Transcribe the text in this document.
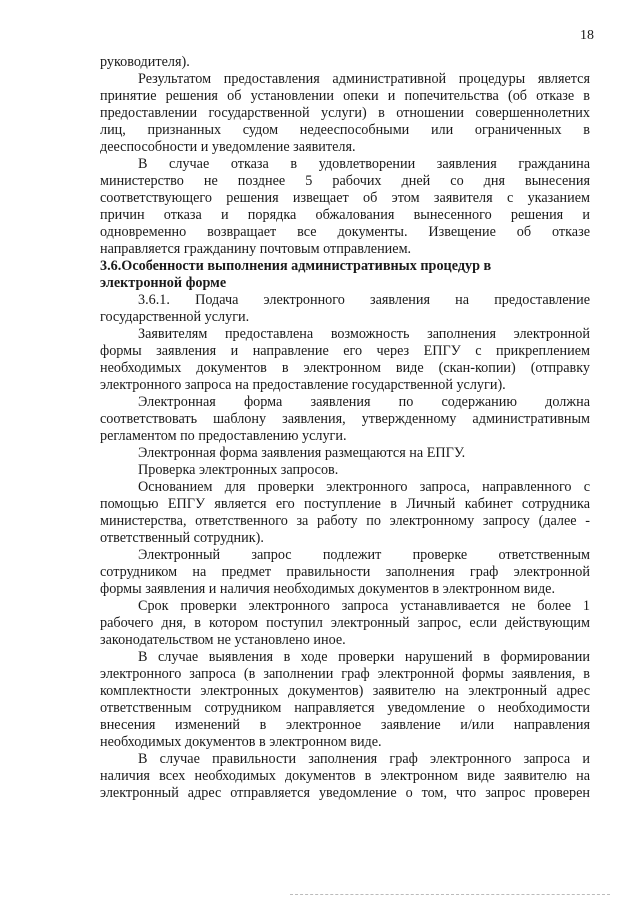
18
руководителя).
Результатом предоставления административной процедуры является
принятие решения об установлении опеки и попечительства (об отказе в
предоставлении государственной услуги) в отношении совершеннолетних
лиц, признанных судом недееспособными или ограниченных в
дееспособности и уведомление заявителя.
В случае отказа в удовлетворении заявления гражданина
министерство не позднее 5 рабочих дней со дня вынесения
соответствующего решения извещает об этом заявителя с указанием
причин отказа и порядка обжалования вынесенного решения и
одновременно возвращает все документы. Извещение об отказе
направляется гражданину почтовым отправлением.
3.6.Особенности выполнения административных процедур в
электронной форме
3.6.1. Подача электронного заявления на предоставление
государственной услуги.
Заявителям предоставлена возможность заполнения электронной
формы заявления и направление его через ЕПГУ с прикреплением
необходимых документов в электронном виде (скан-копии) (отправку
электронного запроса на предоставление государственной услуги).
Электронная форма заявления по содержанию должна
соответствовать шаблону заявления, утвержденному административным
регламентом по предоставлению услуги.
Электронная форма заявления размещаются на ЕПГУ.
Проверка электронных запросов.
Основанием для проверки электронного запроса, направленного с
помощью ЕПГУ является его поступление в Личный кабинет сотрудника
министерства, ответственного за работу по электронному запросу (далее -
ответственный сотрудник).
Электронный запрос подлежит проверке ответственным
сотрудником на предмет правильности заполнения граф электронной
формы заявления и наличия необходимых документов в электронном виде.
Срок проверки электронного запроса устанавливается не более 1
рабочего дня, в котором поступил электронный запрос, если действующим
законодательством не установлено иное.
В случае выявления в ходе проверки нарушений в формировании
электронного запроса (в заполнении граф электронной формы заявления, в
комплектности электронных документов) заявителю на электронный адрес
ответственным сотрудником направляется уведомление о необходимости
внесения изменений в электронное заявление и/или направления
необходимых документов в электронном виде.
В случае правильности заполнения граф электронного запроса и
наличия всех необходимых документов в электронном виде заявителю на
электронный адрес отправляется уведомление о том, что запрос проверен
